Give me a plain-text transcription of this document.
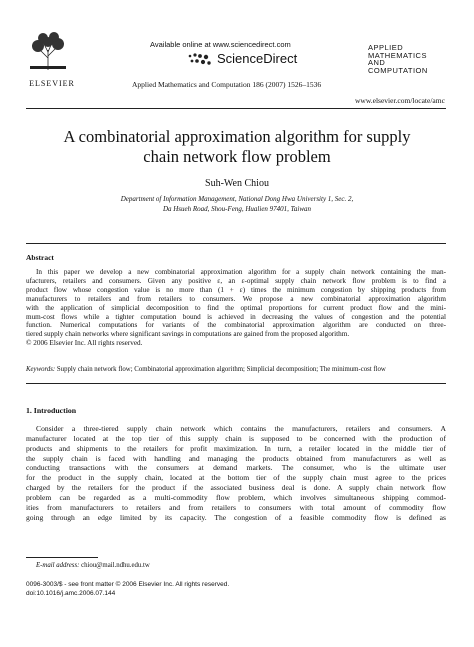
ELSEVIER
Available online at www.sciencedirect.com
ScienceDirect
Applied Mathematics and Computation 186 (2007) 1526–1536
APPLIED
MATHEMATICS
AND
COMPUTATION
www.elsevier.com/locate/amc
A combinatorial approximation algorithm for supply
chain network flow problem
Suh-Wen Chiou
Department of Information Management, National Dong Hwa University 1, Sec. 2,
Da Hsueh Road, Shou-Feng, Hualien 97401, Taiwan
Abstract
In this paper we develop a new combinatorial approximation algorithm for a supply chain network containing the man-
ufacturers, retailers and consumers. Given any positive ε, an ε-optimal supply chain network flow problem is to find a
product flow whose congestion value is no more than (1 + ε) times the minimum congestion by shipping products from
manufacturers to retailers and from retailers to consumers. We propose a new combinatorial approximation algorithm
with the application of simplicial decomposition to find the optimal proportions for current product flow and the mini-
mum-cost flows while a tighter computation bound is achieved in decreasing the values of congestion and the potential
function. Numerical computations for variants of the combinatorial approximation algorithm are conducted on three-
tiered supply chain networks where significant savings in computations are gained from the proposed algorithm.
© 2006 Elsevier Inc. All rights reserved.
Keywords: Supply chain network flow; Combinatorial approximation algorithm; Simplicial decomposition; The minimum-cost flow
1. Introduction
Consider a three-tiered supply chain network which contains the manufacturers, retailers and consumers. A
manufacturer located at the top tier of this supply chain is supposed to be concerned with the production of
products and shipments to the retailers for profit maximization. In turn, a retailer located in the middle tier of
the supply chain is faced with handling and managing the products obtained from manufacturers as well as
conducting transactions with the consumers at demand markets. The consumer, who is the ultimate user
for the product in the supply chain, located at the bottom tier of the supply chain must agree to the prices
charged by the retailers for the product if the associated business deal is done. A supply chain network flow
problem can be regarded as a multi-commodity flow problem, which involves simultaneous shipping commod-
ities from manufacturers to retailers and from retailers to consumers with total amount of commodity flow
going through an edge limited by its capacity. The congestion of a feasible commodity flow is defined as
E-mail address: chiou@mail.ndhu.edu.tw
0096-3003/$ - see front matter © 2006 Elsevier Inc. All rights reserved.
doi:10.1016/j.amc.2006.07.144
